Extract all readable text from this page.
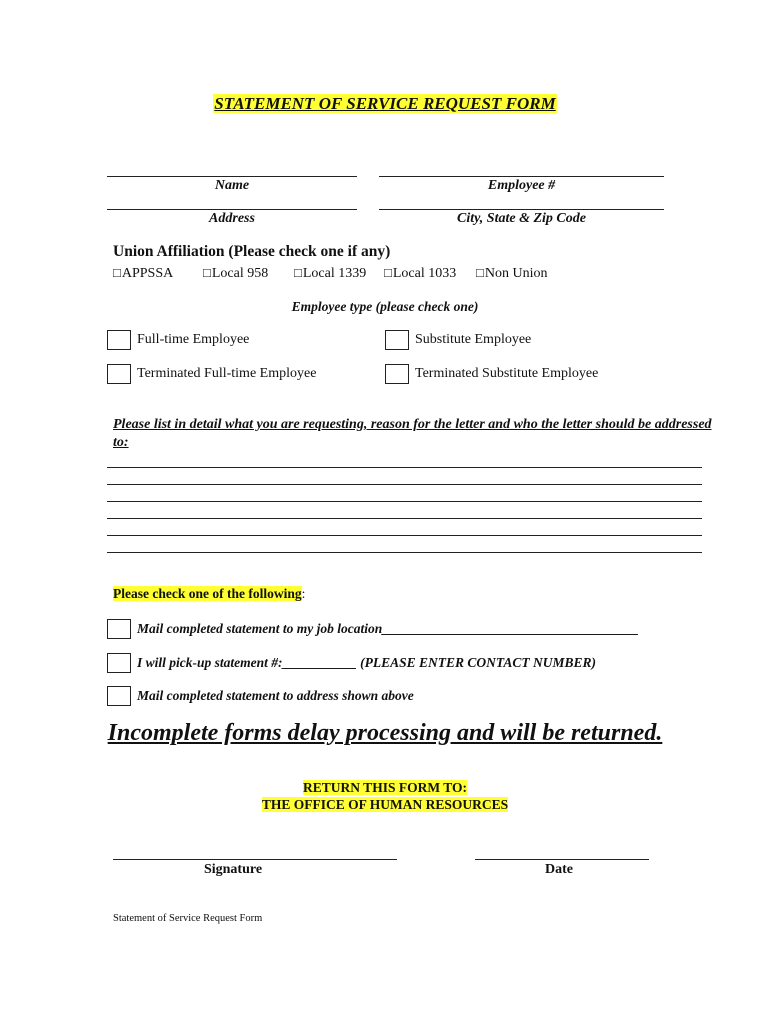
STATEMENT OF SERVICE REQUEST FORM
Name	Employee #
Address	City, State & Zip Code
Union Affiliation (Please check one if any)
□APPSSA □Local 958 □Local 1339 □Local 1033 □Non Union
Employee type (please check one)
Full-time Employee	Substitute Employee
Terminated Full-time Employee	Terminated Substitute Employee
Please list in detail what you are requesting, reason for the letter and who the letter should be addressed to:
Please check one of the following:
Mail completed statement to my job location______________________________________
I will pick-up statement #:___________ (PLEASE ENTER CONTACT NUMBER)
Mail completed statement to address shown above
Incomplete forms delay processing and will be returned.
RETURN THIS FORM TO:
THE OFFICE OF HUMAN RESOURCES
Signature	Date
Statement of Service Request Form
